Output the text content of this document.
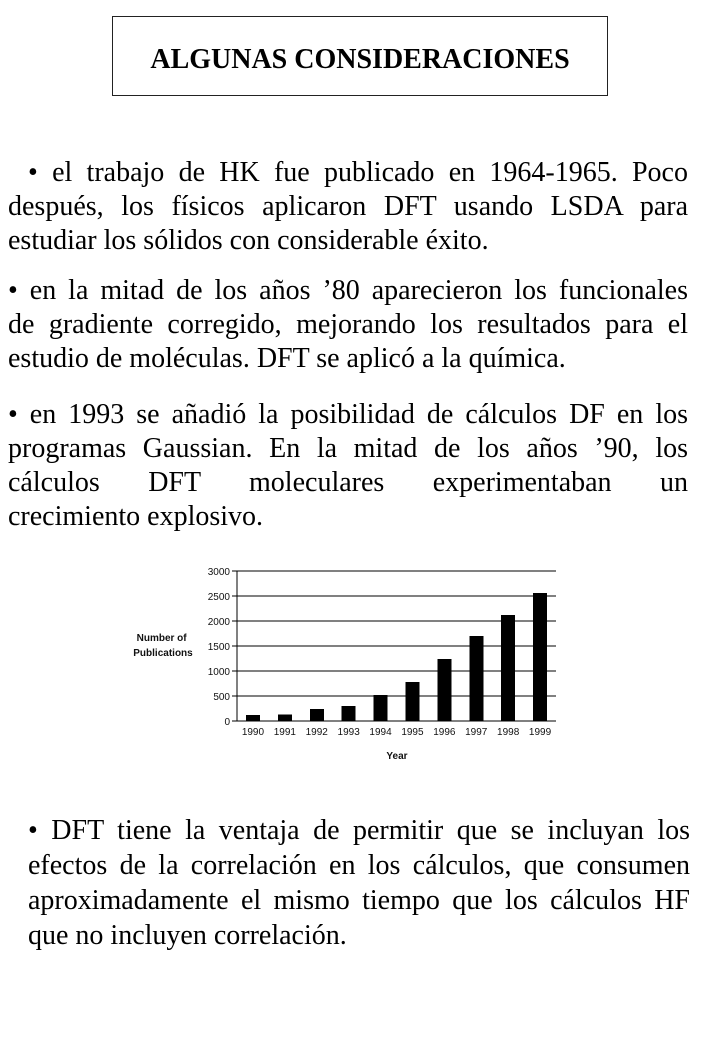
ALGUNAS CONSIDERACIONES
• el trabajo de HK fue publicado en 1964-1965. Poco
después, los físicos aplicaron DFT usando LSDA para
estudiar los sólidos con considerable éxito.
• en la mitad de los años ’80 aparecieron los funcionales
de gradiente corregido, mejorando los resultados para el
estudio de moléculas. DFT se aplicó a la química.
• en 1993 se añadió la posibilidad de cálculos DF en los
programas Gaussian. En la mitad de los años ’90, los
cálculos DFT moleculares experimentaban un
crecimiento explosivo.
0
500
1000
1500
2000
2500
3000
1990 1991 1992 1993 1994 1995 1996 1997 1998 1999
Year
Number of Publications
• DFT tiene la ventaja de permitir que se incluyan los
efectos de la correlación en los cálculos, que consumen
aproximadamente el mismo tiempo que los cálculos HF
que no incluyen correlación.
